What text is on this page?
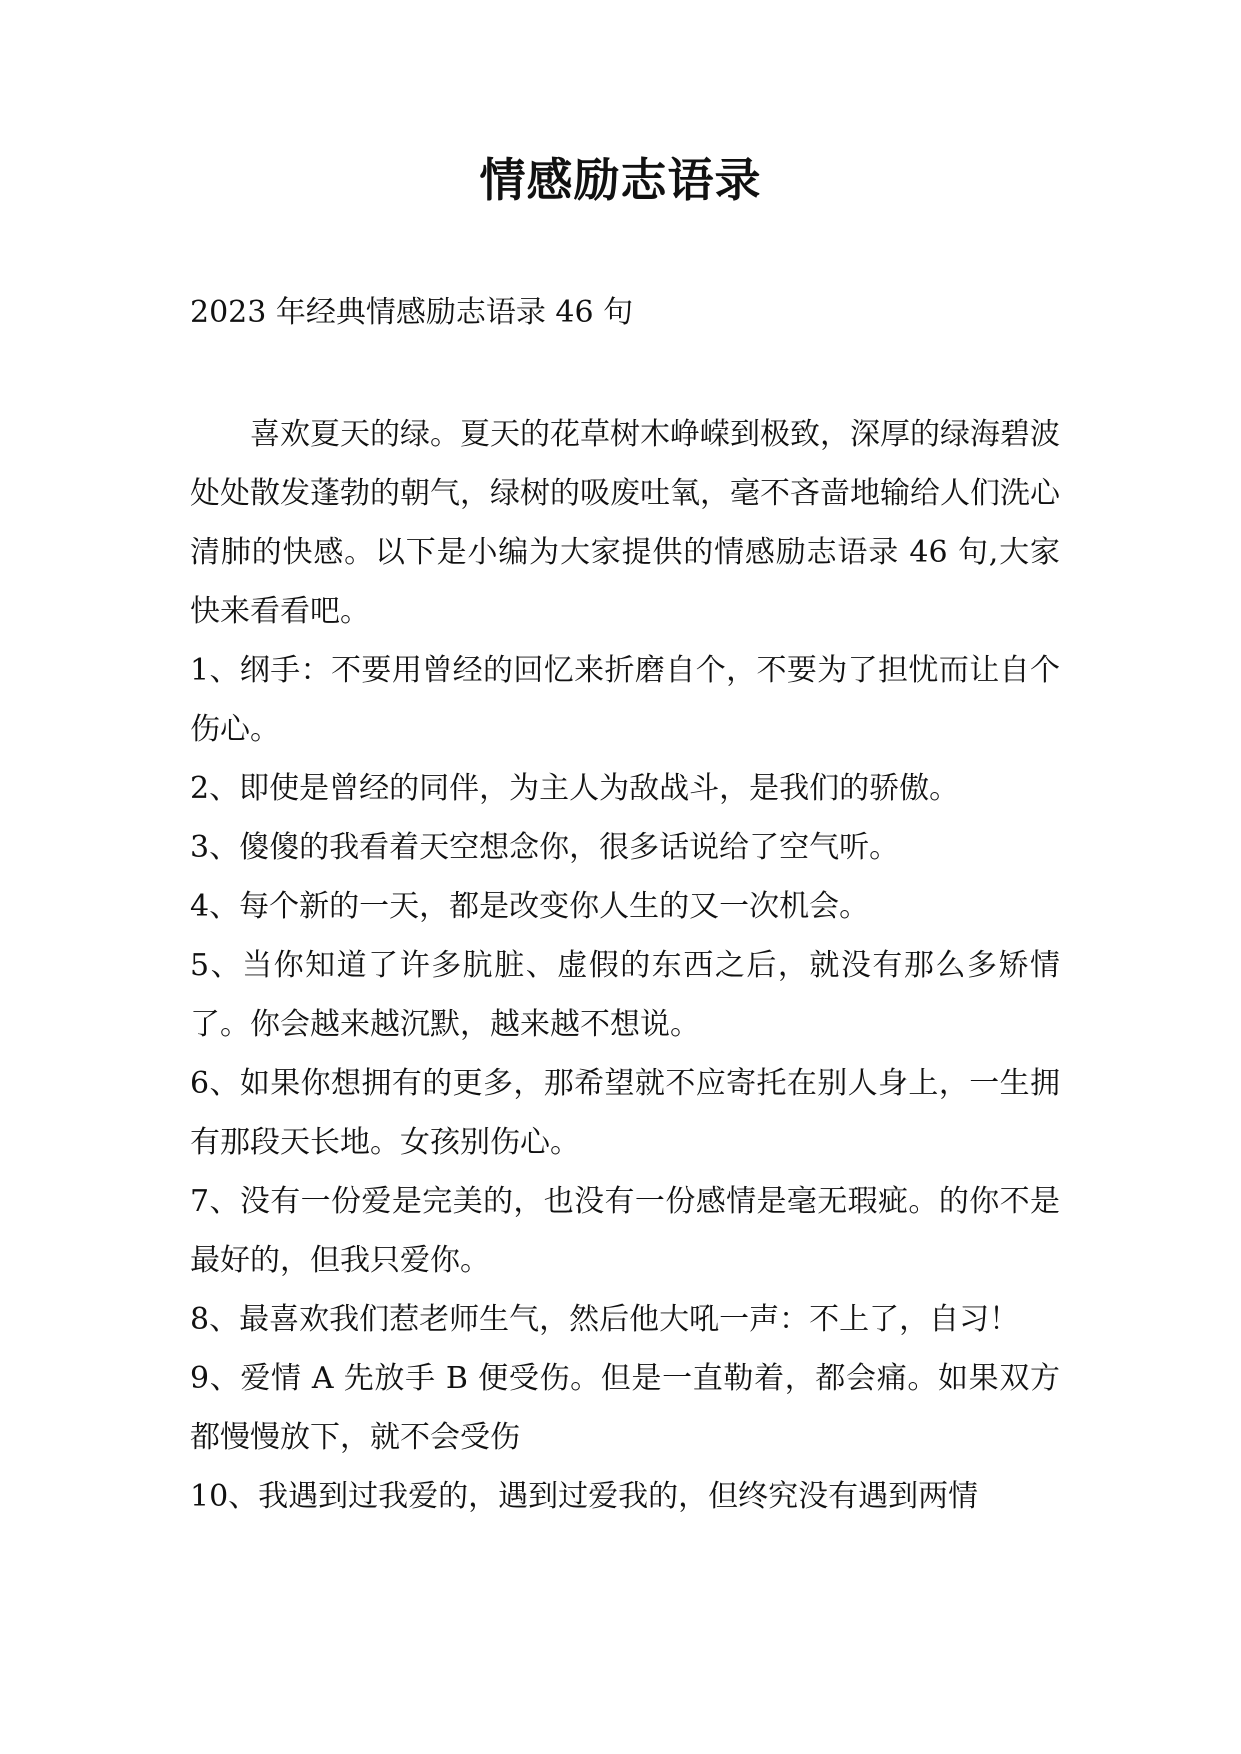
情感励志语录
2023 年经典情感励志语录 46 句

喜欢夏天的绿。夏天的花草树木峥嵘到极致，深厚的绿海碧波处处散发蓬勃的朝气，绿树的吸废吐氧，毫不吝啬地输给人们洗心清肺的快感。以下是小编为大家提供的情感励志语录 46 句,大家快来看看吧。

1、纲手：不要用曾经的回忆来折磨自个，不要为了担忧而让自个伤心。
2、即使是曾经的同伴，为主人为敌战斗，是我们的骄傲。
3、傻傻的我看着天空想念你，很多话说给了空气听。
4、每个新的一天，都是改变你人生的又一次机会。
5、当你知道了许多肮脏、虚假的东西之后，就没有那么多矫情了。你会越来越沉默，越来越不想说。
6、如果你想拥有的更多，那希望就不应寄托在别人身上，一生拥有那段天长地。女孩别伤心。
7、没有一份爱是完美的，也没有一份感情是毫无瑕疵。的你不是最好的，但我只爱你。
8、最喜欢我们惹老师生气，然后他大吼一声：不上了，自习！
9、爱情 A 先放手 B 便受伤。但是一直勒着，都会痛。如果双方都慢慢放下，就不会受伤
10、我遇到过我爱的，遇到过爱我的，但终究没有遇到两情
